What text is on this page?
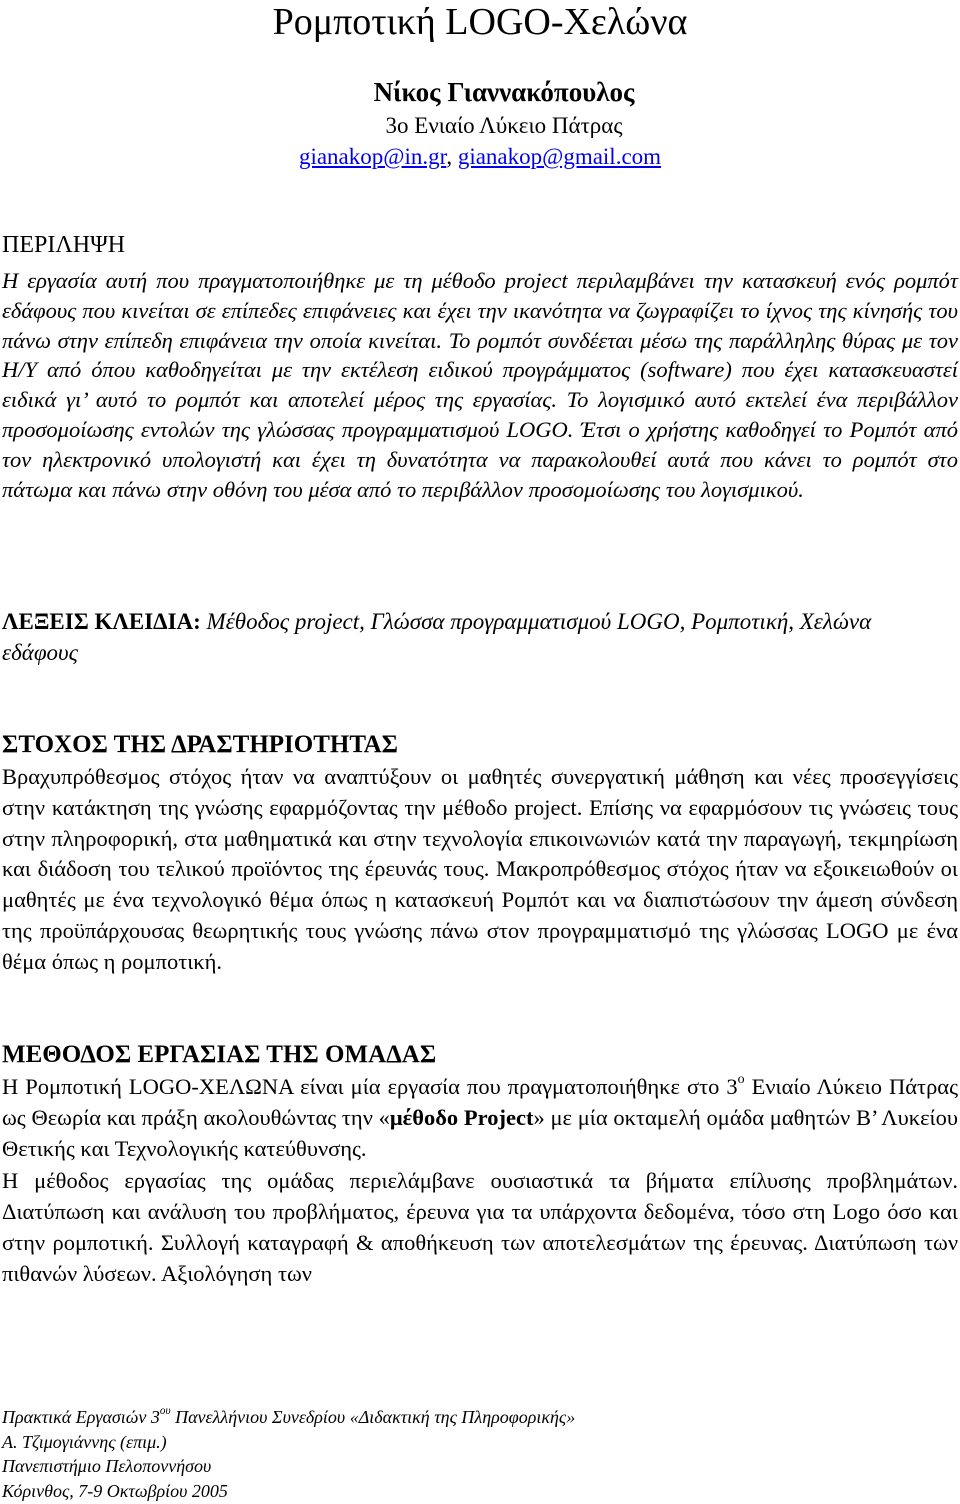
Ρομποτική LOGO-Χελώνα
Νίκος Γιαννακόπουλος
3ο Ενιαίο Λύκειο Πάτρας
gianakop@in.gr, gianakop@gmail.com
ΠΕΡΙΛΗΨΗ

Η εργασία αυτή που πραγματοποιήθηκε με τη μέθοδο project περιλαμβάνει την κατασκευή ενός ρομπότ εδάφους που κινείται σε επίπεδες επιφάνειες και έχει την ικανότητα να ζωγραφίζει το ίχνος της κίνησής του πάνω στην επίπεδη επιφάνεια την οποία κινείται. Το ρομπότ συνδέεται μέσω της παράλληλης θύρας με τον Η/Υ από όπου καθοδηγείται με την εκτέλεση ειδικού προγράμματος (software) που έχει κατασκευαστεί ειδικά γι’ αυτό το ρομπότ και αποτελεί μέρος της εργασίας. Το λογισμικό αυτό εκτελεί ένα περιβάλλον προσομοίωσης εντολών της γλώσσας προγραμματισμού LOGO. Έτσι ο χρήστης καθοδηγεί το Ρομπότ από τον ηλεκτρονικό υπολογιστή και έχει τη δυνατότητα να παρακολουθεί αυτά που κάνει το ρομπότ στο πάτωμα και πάνω στην οθόνη του μέσα από το περιβάλλον προσομοίωσης του λογισμικού.

ΛΕΞΕΙΣ ΚΛΕΙΔΙΑ: Μέθοδος project, Γλώσσα προγραμματισμού LOGO, Ρομποτική, Χελώνα εδάφους

ΣΤΟΧΟΣ ΤΗΣ ΔΡΑΣΤΗΡΙΟΤΗΤΑΣ

Βραχυπρόθεσμος στόχος ήταν να αναπτύξουν οι μαθητές συνεργατική μάθηση και νέες προσεγγίσεις στην κατάκτηση της γνώσης εφαρμόζοντας την μέθοδο project. Επίσης να εφαρμόσουν τις γνώσεις τους στην πληροφορική, στα μαθηματικά και στην τεχνολογία επικοινωνιών κατά την παραγωγή, τεκμηρίωση και διάδοση του τελικού προϊόντος της έρευνάς τους. Μακροπρόθεσμος στόχος ήταν να εξοικειωθούν οι μαθητές με ένα τεχνολογικό θέμα όπως η κατασκευή Ρομπότ και να διαπιστώσουν την άμεση σύνδεση της προϋπάρχουσας θεωρητικής τους γνώσης πάνω στον προγραμματισμό της γλώσσας LOGO με ένα θέμα όπως η ρομποτική.

ΜΕΘΟΔΟΣ ΕΡΓΑΣΙΑΣ ΤΗΣ ΟΜΑΔΑΣ

Η Ρομποτική LOGO-ΧΕΛΩΝΑ είναι μία εργασία που πραγματοποιήθηκε στο $3^o$ Ενιαίο Λύκειο Πάτρας ως Θεωρία και πράξη ακολουθώντας την «μέθοδο Project» με μία οκταμελή ομάδα μαθητών Β’ Λυκείου Θετικής και Τεχνολογικής κατεύθυνσης.

Η μέθοδος εργασίας της ομάδας περιελάμβανε ουσιαστικά τα βήματα επίλυσης προβλημάτων. Διατύπωση και ανάλυση του προβλήματος, έρευνα για τα υπάρχοντα δεδομένα, τόσο στη Logo όσο και στην ρομποτική. Συλλογή καταγραφή & αποθήκευση των αποτελεσμάτων της έρευνας. Διατύπωση των πιθανών λύσεων. Αξιολόγηση των

Πρακτικά Εργασιών $3^{o\upsilon}$ Πανελλήνιου Συνεδρίου «Διδακτική της Πληροφορικής»
Α. Τζιμογιάννης (επιμ.)
Πανεπιστήμιο Πελοποννήσου
Κόρινθος, 7-9 Οκτωβρίου 2005
